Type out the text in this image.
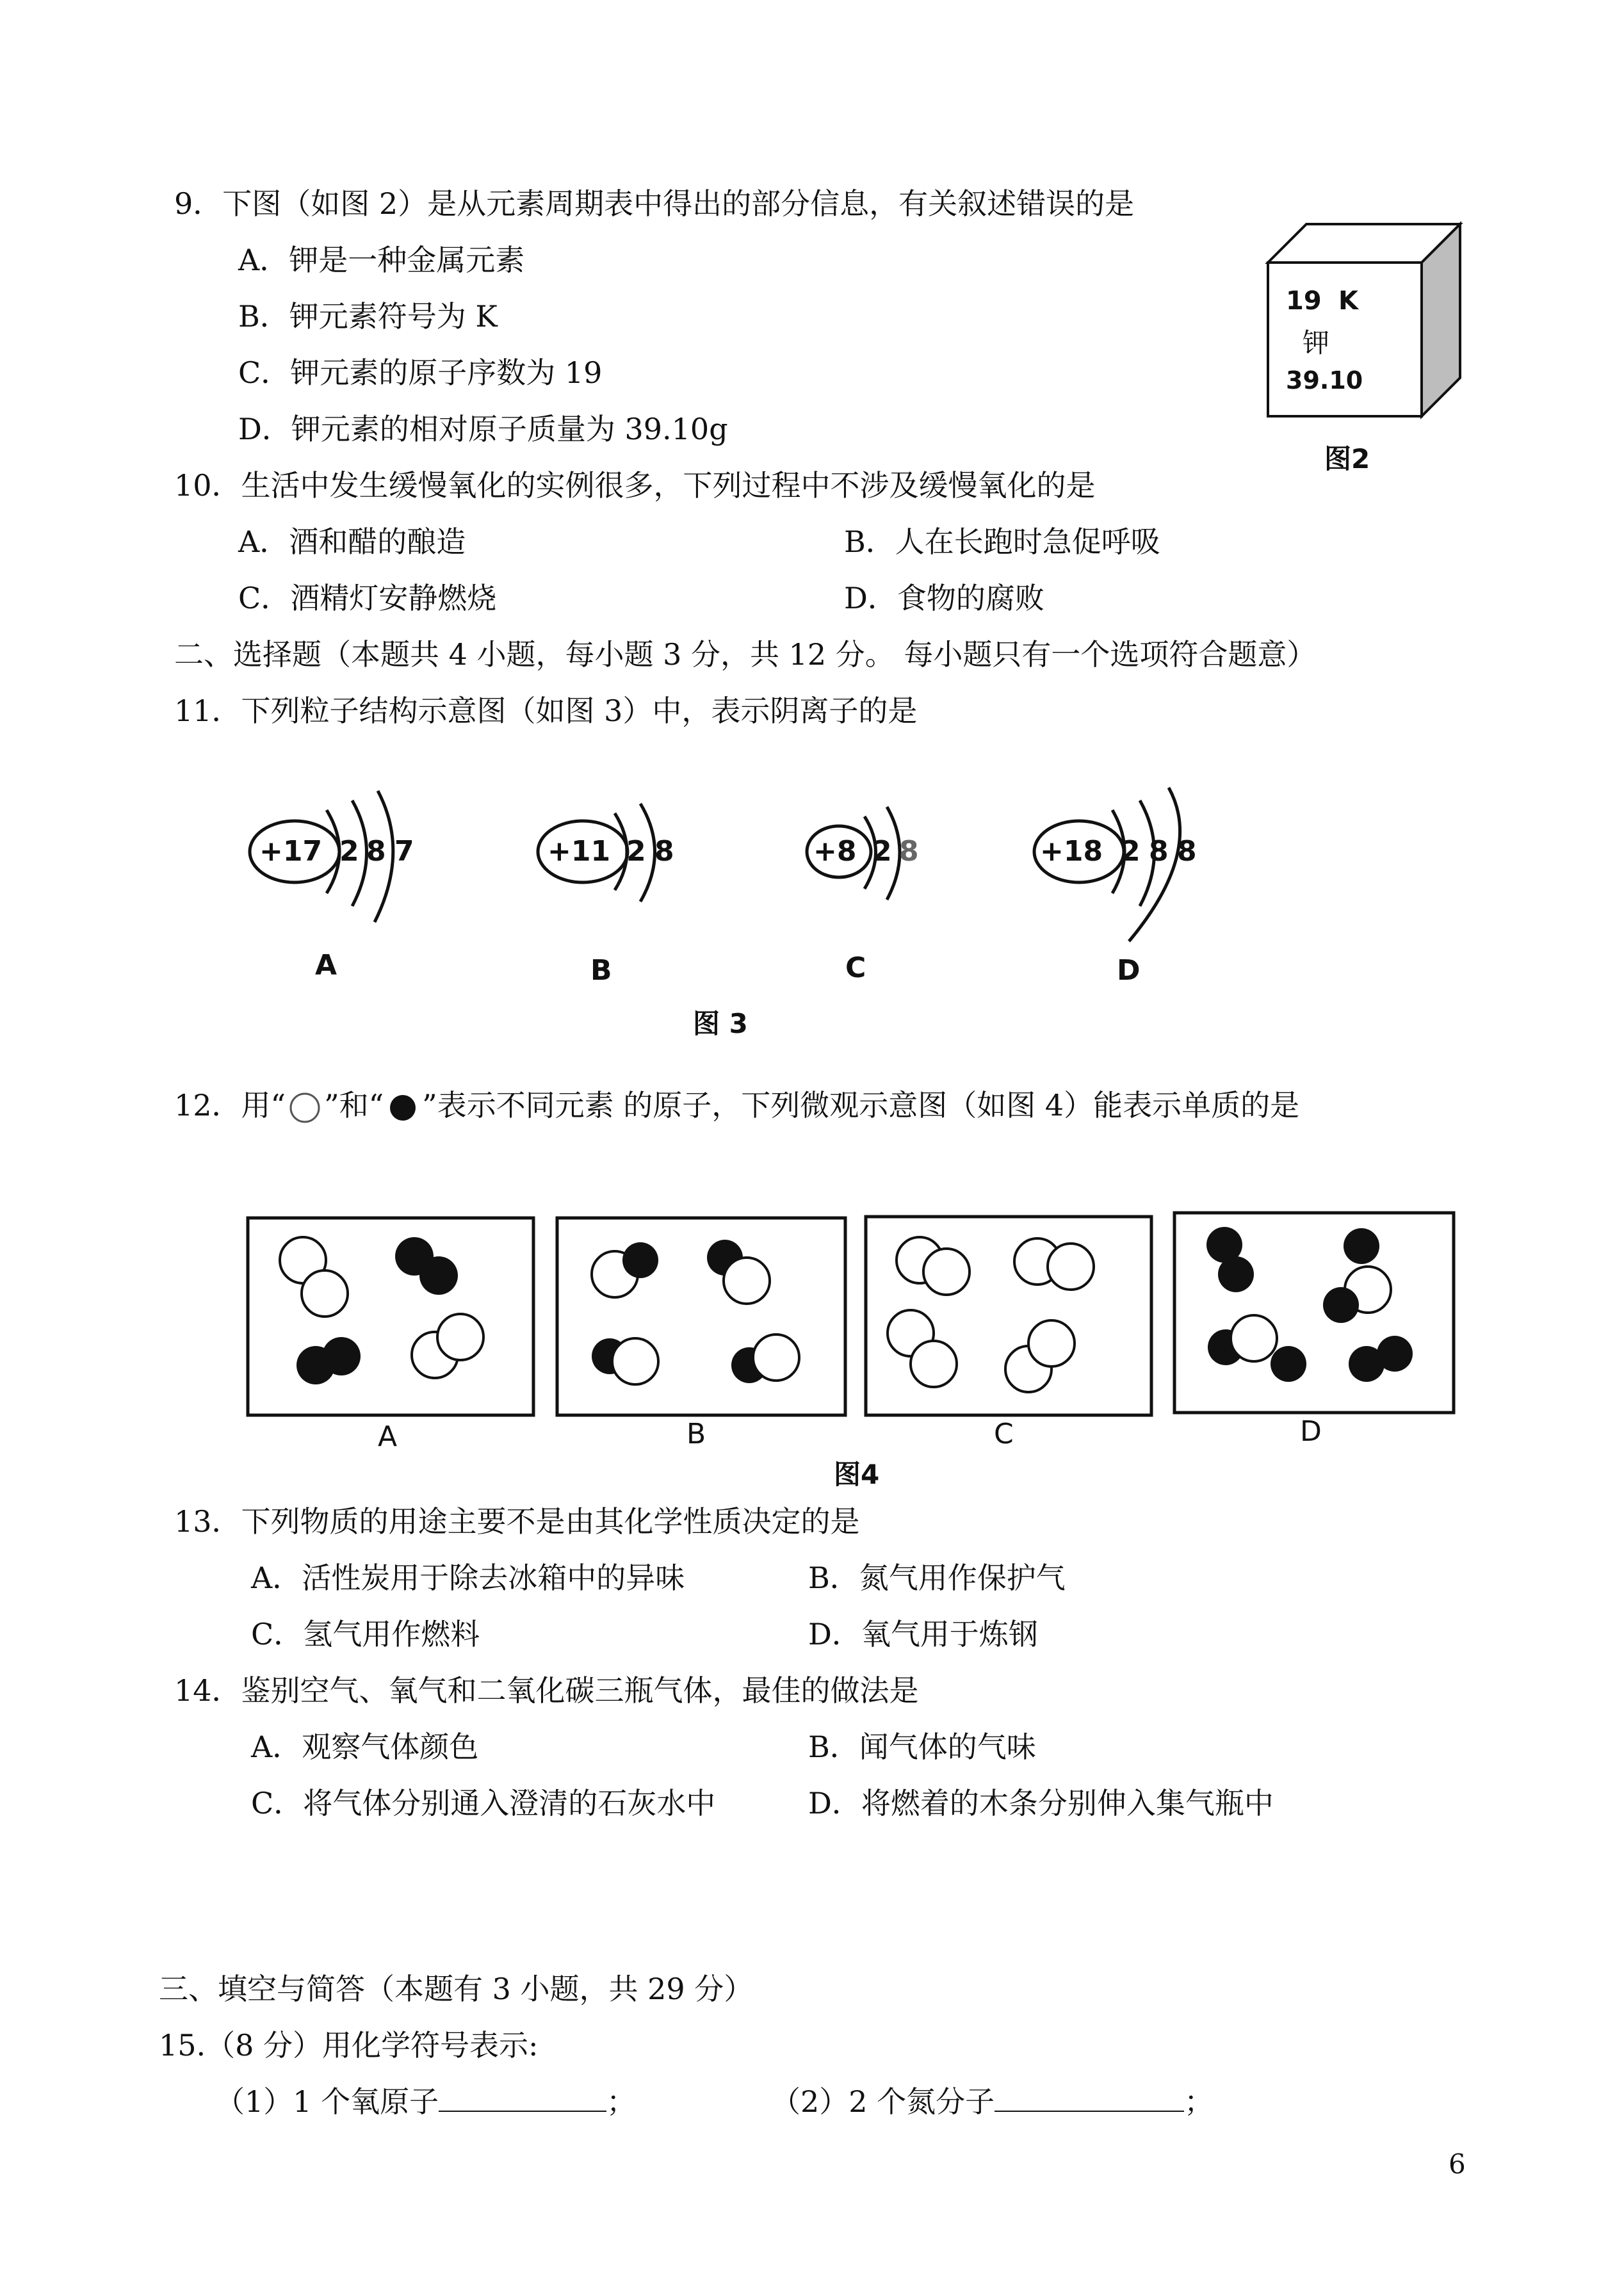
9．下图（如图 2）是从元素周期表中得出的部分信息，有关叙述错误的是
A．钾是一种金属元素
B．钾元素符号为 K
C．钾元素的原子序数为 19
D．钾元素的相对原子质量为 39.10g
19 K
钾
39.10
图2
10．生活中发生缓慢氧化的实例很多，下列过程中不涉及缓慢氧化的是
A．酒和醋的酿造	B．人在长跑时急促呼吸
C．酒精灯安静燃烧	D．食物的腐败
二、选择题（本题共 4 小题，每小题 3 分，共 12 分。 每小题只有一个选项符合题意）
11．下列粒子结构示意图（如图 3）中，表示阴离子的是
+17 2 8 7
A
+11 2 8
B
+8 2 8
C
+18 2 8 8
D
图 3
12．用“ ”和“ ”表示不同元素 的原子，下列微观示意图（如图 4）能表示单质的是
A	B	C	D
图4
13．下列物质的用途主要不是由其化学性质决定的是
A．活性炭用于除去冰箱中的异味	B．氮气用作保护气
C．氢气用作燃料	D．氧气用于炼钢
14．鉴别空气、氧气和二氧化碳三瓶气体，最佳的做法是
A．观察气体颜色	B．闻气体的气味
C．将气体分别通入澄清的石灰水中	D．将燃着的木条分别伸入集气瓶中
三、填空与简答（本题有 3 小题，共 29 分）
15.（8 分）用化学符号表示:
（1）1 个氧原子	；	（2）2 个氮分子	；
6
